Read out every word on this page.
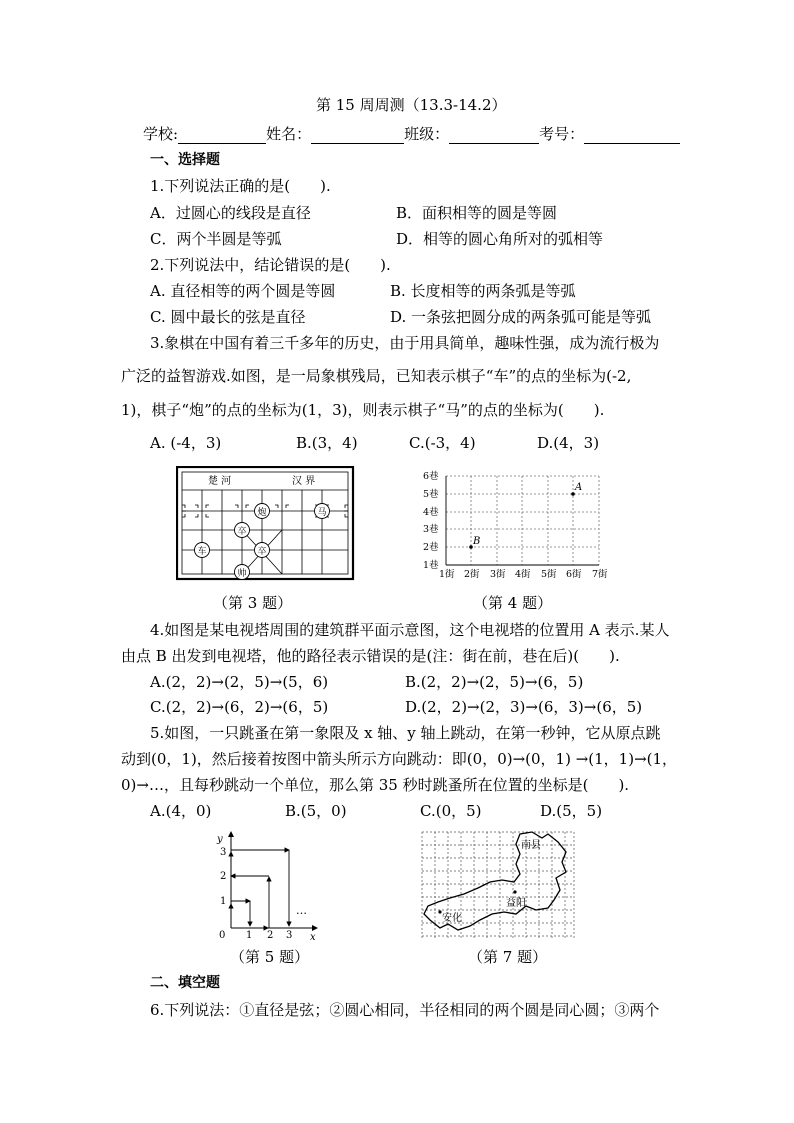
第 15 周周测（13.3-14.2）
学校:	姓名：	班级：	考号：
一、选择题
1.下列说法正确的是(　　).
A．过圆心的线段是直径	B．面积相等的圆是等圆
C．两个半圆是等弧	D．相等的圆心角所对的弧相等
2.下列说法中，结论错误的是(　　).
A. 直径相等的两个圆是等圆	B. 长度相等的两条弧是等弧
C. 圆中最长的弦是直径	D. 一条弦把圆分成的两条弧可能是等弧
3.象棋在中国有着三千多年的历史，由于用具简单，趣味性强，成为流行极为
广泛的益智游戏.如图，是一局象棋残局，已知表示棋子“车”的点的坐标为(-2,
1)，棋子“炮”的点的坐标为(1，3)，则表示棋子“马”的点的坐标为(　　).
A. (-4，3)	B.(3，4)	C.(-3，4)	D.(4，3)
楚 河	汉 界
炮	马
卒
卒
车
帅
（第 3 题）
1巷
2巷
3巷
4巷
5巷
6巷
1街 2街 3街 4街 5街 6街 7街
A
B
（第 4 题）
4.如图是某电视塔周围的建筑群平面示意图，这个电视塔的位置用 A 表示.某人
由点 B 出发到电视塔，他的路径表示错误的是(注：街在前，巷在后)(　　).
A.(2，2)→(2，5)→(5，6)	B.(2，2)→(2，5)→(6，5)
C.(2，2)→(6，2)→(6，5)	D.(2，2)→(2，3)→(6，3)→(6，5)
5.如图，一只跳蚤在第一象限及 x 轴、y 轴上跳动，在第一秒钟，它从原点跳
动到(0，1)，然后接着按图中箭头所示方向跳动：即(0，0)→(0，1) →(1，1)→(1，
0)→…，且每秒跳动一个单位，那么第 35 秒时跳蚤所在位置的坐标是(　　).
A.(4，0)	B.(5，0)	C.(0，5)	D.(5，5)
x
y
0 1 2 3
1
2
3
…
（第 5 题）
南县
益阳
安化
（第 7 题）
二、填空题
6.下列说法：①直径是弦；②圆心相同，半径相同的两个圆是同心圆；③两个
